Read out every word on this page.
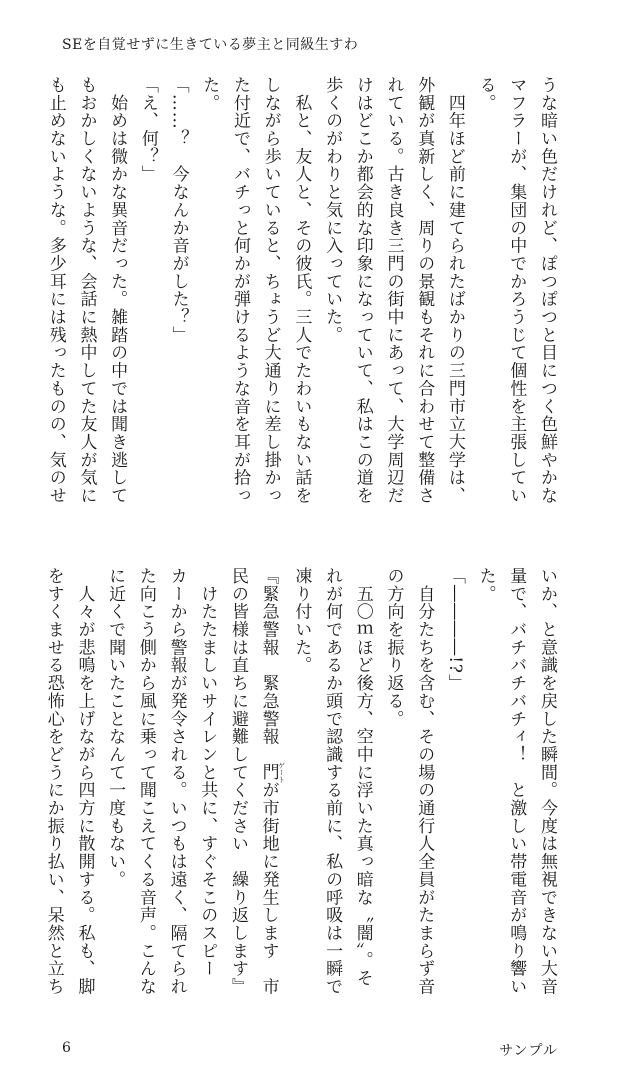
SEを自覚せずに生きている夢主と同級生すわ
うな暗い色だけれど、ぽつぽつと目につく色鮮やかな
マフラーが、集団の中でかろうじて個性を主張してい
る。
　四年ほど前に建てられたばかりの三門市立大学は、
外観が真新しく、周りの景観もそれに合わせて整備さ
れている。古き良き三門の街中にあって、大学周辺だ
けはどこか都会的な印象になっていて、私はこの道を
歩くのがわりと気に入っていた。
　私と、友人と、その彼氏。三人でたわいもない話を
しながら歩いていると、ちょうど大通りに差し掛かっ
た付近で、バチっと何かが弾けるような音を耳が拾っ
た。
「……？　今なんか音がした？」
「え、何？」
　始めは微かな異音だった。雑踏の中では聞き逃して
もおかしくないような、会話に熱中してた友人が気に
も止めないような。多少耳には残ったものの、気のせ
いか、と意識を戻した瞬間。今度は無視できない大音
量で、バチバチバチィ！　と激しい帯電音が鳴り響い
た。
「――――!?」
　自分たちを含む、その場の通行人全員がたまらず音
の方向を振り返る。
　五〇ｍほど後方、空中に浮いた真っ暗な〝闇〟。そ
れが何であるか頭で認識する前に、私の呼吸は一瞬で
凍り付いた。
『緊急警報　緊急警報　門 ゲートが市街地に発生します　市
民の皆様は直ちに避難してください　繰り返します』
　けたたましいサイレンと共に、すぐそこのスピー
カーから警報が発令される。いつもは遠く、隔てられ
た向こう側から風に乗って聞こえてくる音声。こんな
に近くで聞いたことなんて一度もない。
　人々が悲鳴を上げながら四方に散開する。私も、脚
をすくませる恐怖心をどうにか振り払い、呆然と立ち
6	サンプル
